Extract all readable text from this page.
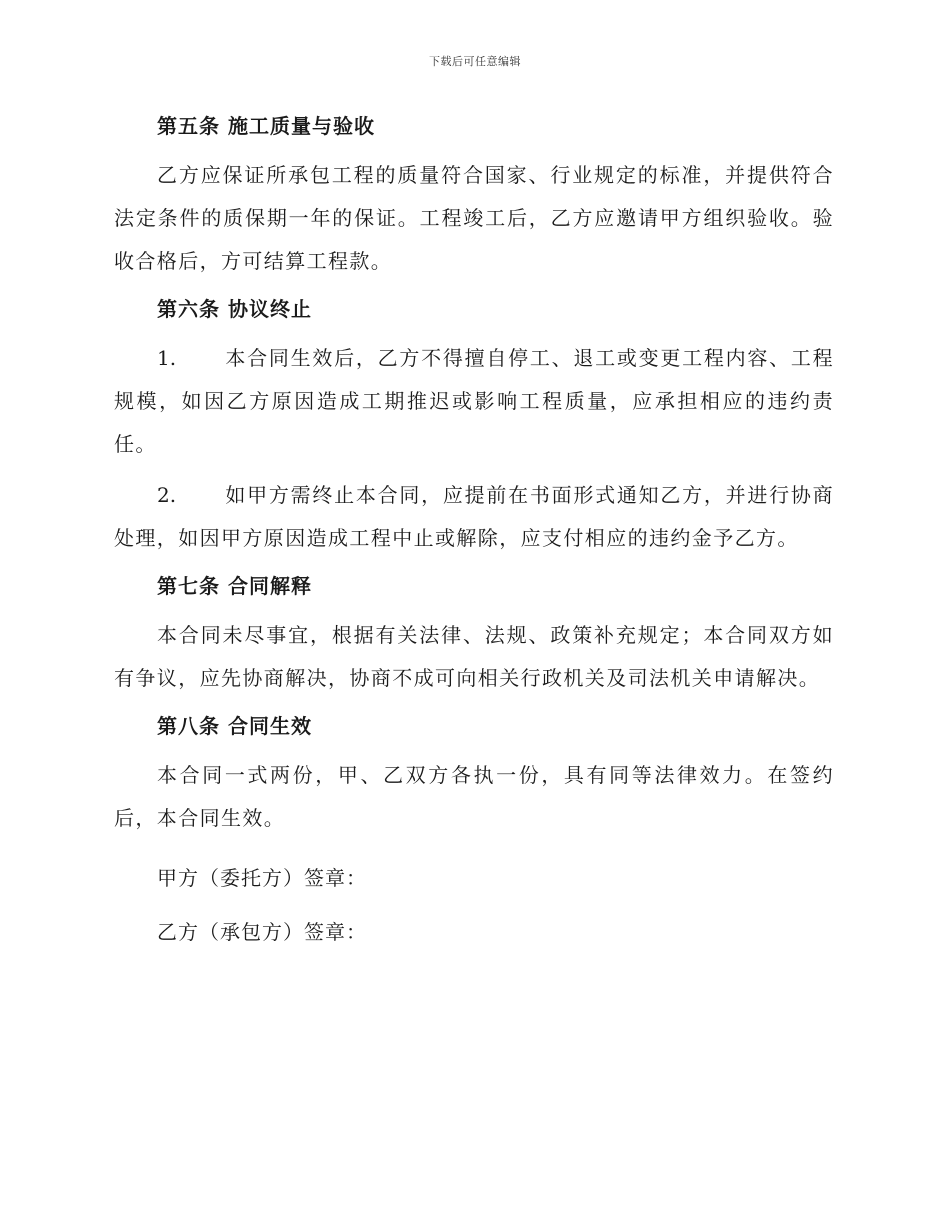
下载后可任意编辑
第五条 施工质量与验收
乙方应保证所承包工程的质量符合国家、行业规定的标准，并提供符合法定条件的质保期一年的保证。工程竣工后，乙方应邀请甲方组织验收。验收合格后，方可结算工程款。
第六条 协议终止
1. 本合同生效后，乙方不得擅自停工、退工或变更工程内容、工程规模，如因乙方原因造成工期推迟或影响工程质量，应承担相应的违约责任。
2. 如甲方需终止本合同，应提前在书面形式通知乙方，并进行协商处理，如因甲方原因造成工程中止或解除，应支付相应的违约金予乙方。
第七条 合同解释
本合同未尽事宜，根据有关法律、法规、政策补充规定；本合同双方如有争议，应先协商解决，协商不成可向相关行政机关及司法机关申请解决。
第八条 合同生效
本合同一式两份，甲、乙双方各执一份，具有同等法律效力。在签约后，本合同生效。
甲方（委托方）签章：
乙方（承包方）签章：
